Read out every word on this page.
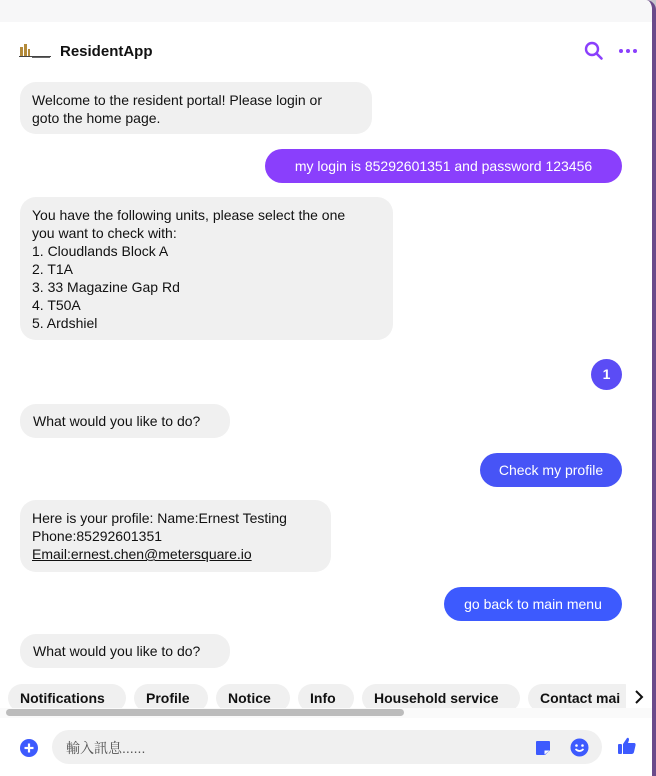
ResidentApp
Welcome to the resident portal! Please login or
goto the home page.
my login is 85292601351 and password 123456
You have the following units, please select the one
you want to check with:
1. Cloudlands Block A
2. T1A
3. 33 Magazine Gap Rd
4. T50A
5. Ardshiel
1
What would you like to do?
Check my profile
Here is your profile: Name:Ernest Testing
Phone:85292601351
Email:ernest.chen@metersquare.io
go back to main menu
What would you like to do?
Notifications	Profile	Notice	Info	Household service	Contact mai
輸入訊息......
